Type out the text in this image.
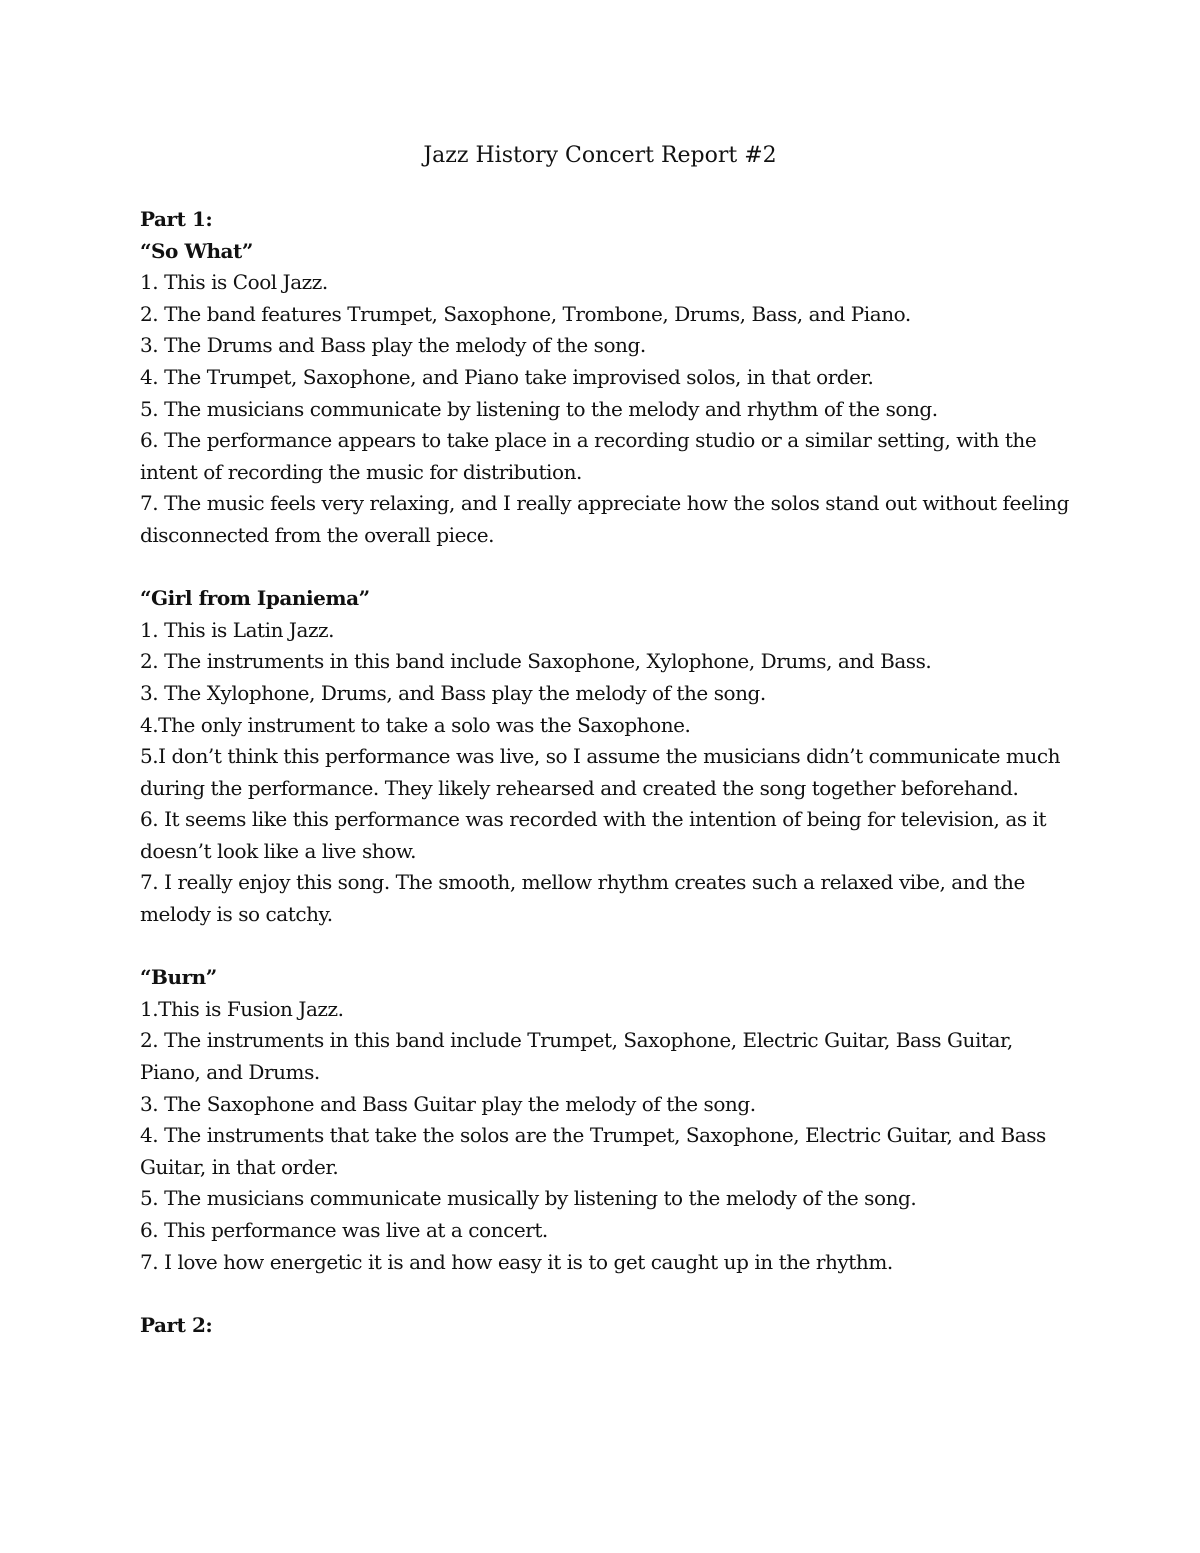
Jazz History Concert Report #2

Part 1:

“So What”

1. This is Cool Jazz.

2. The band features Trumpet, Saxophone, Trombone, Drums, Bass, and Piano.

3. The Drums and Bass play the melody of the song.

4. The Trumpet, Saxophone, and Piano take improvised solos, in that order.

5. The musicians communicate by listening to the melody and rhythm of the song.

6. The performance appears to take place in a recording studio or a similar setting, with the intent of recording the music for distribution.

7. The music feels very relaxing, and I really appreciate how the solos stand out without feeling disconnected from the overall piece.

“Girl from Ipaniema”

1. This is Latin Jazz.

2. The instruments in this band include Saxophone, Xylophone, Drums, and Bass.

3. The Xylophone, Drums, and Bass play the melody of the song.

4.The only instrument to take a solo was the Saxophone.

5.I don’t think this performance was live, so I assume the musicians didn’t communicate much during the performance. They likely rehearsed and created the song together beforehand.

6. It seems like this performance was recorded with the intention of being for television, as it doesn’t look like a live show.

7. I really enjoy this song. The smooth, mellow rhythm creates such a relaxed vibe, and the melody is so catchy.

“Burn”

1.This is Fusion Jazz.

2. The instruments in this band include Trumpet, Saxophone, Electric Guitar, Bass Guitar, Piano, and Drums.

3. The Saxophone and Bass Guitar play the melody of the song.

4. The instruments that take the solos are the Trumpet, Saxophone, Electric Guitar, and Bass Guitar, in that order.

5. The musicians communicate musically by listening to the melody of the song.

6. This performance was live at a concert.

7. I love how energetic it is and how easy it is to get caught up in the rhythm.

Part 2:
